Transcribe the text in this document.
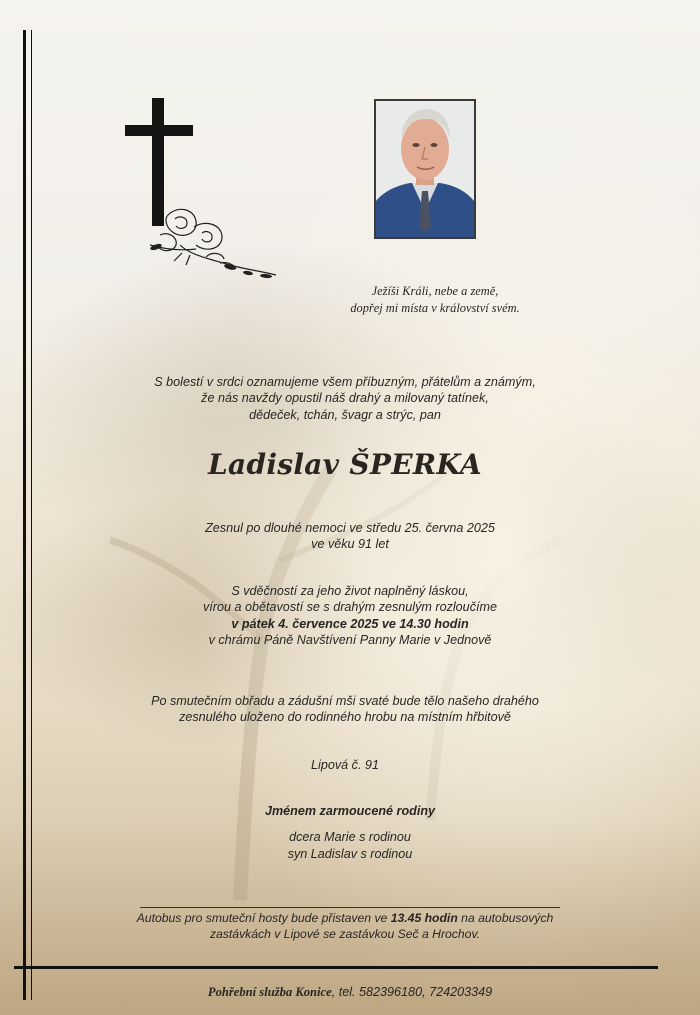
Ježíši Králi, nebe a země,
dopřej mi místa v království svém.
S bolestí v srdci oznamujeme všem příbuzným, přátelům a známým,
že nás navždy opustil náš drahý a milovaný tatínek,
dědeček, tchán, švagr a strýc, pan
Ladislav ŠPERKA
Zesnul po dlouhé nemoci ve středu 25. června 2025
ve věku 91 let
S vděčností za jeho život naplněný láskou,
vírou a obětavostí se s drahým zesnulým rozloučíme
v pátek 4. července 2025 ve 14.30 hodin
v chrámu Páně Navštívení Panny Marie v Jednově
Po smutečním obřadu a zádušní mši svaté bude tělo našeho drahého
zesnulého uloženo do rodinného hrobu na místním hřbitově
Lipová č. 91
Jménem zarmoucené rodiny
dcera Marie s rodinou
syn Ladislav s rodinou
Autobus pro smuteční hosty bude přistaven ve 13.45 hodin na autobusových
zastávkách v Lipové se zastávkou Seč a Hrochov.
Pohřební služba Konice, tel. 582396180, 724203349
